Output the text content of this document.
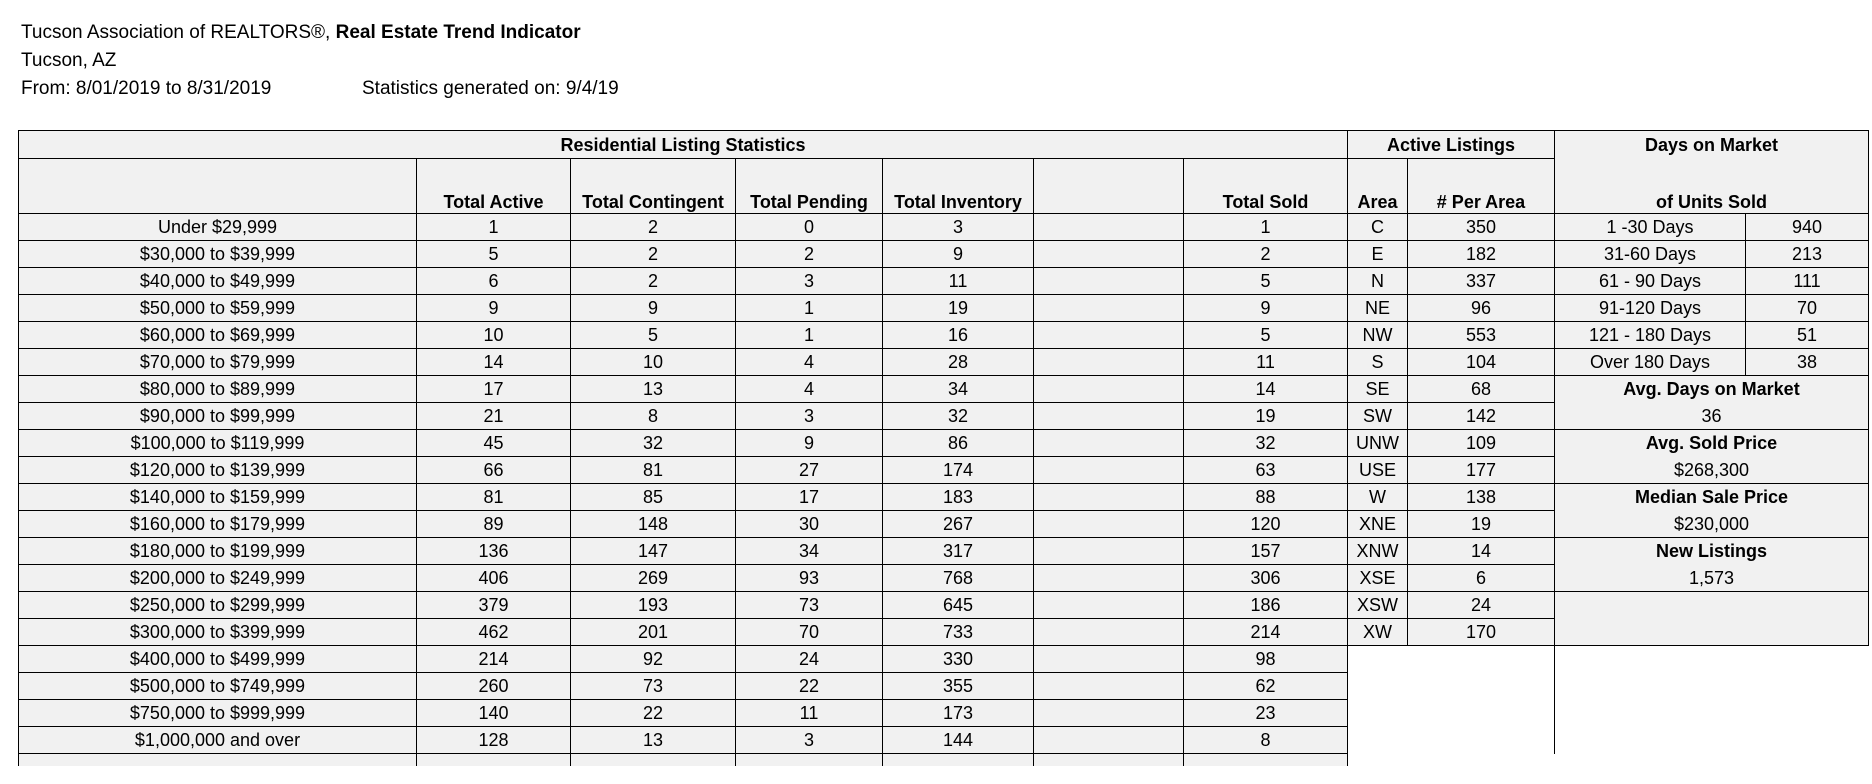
Tucson Association of REALTORS®, Real Estate Trend Indicator
Tucson, AZ
From: 8/01/2019 to 8/31/2019	Statistics generated on: 9/4/19
Residential Listing Statistics							Active Listings		Days on Market	
	Total Active	Total Contingent	Total Pending	Total Inventory		Total Sold	Area	# Per Area	of Units Sold	
Under $29,999	1	2	0	3		1	C	350	1 -30 Days	940
$30,000 to $39,999	5	2	2	9		2	E	182	31-60 Days	213
$40,000 to $49,999	6	2	3	11		5	N	337	61 - 90 Days	111
$50,000 to $59,999	9	9	1	19		9	NE	96	91-120 Days	70
$60,000 to $69,999	10	5	1	16		5	NW	553	121 - 180 Days	51
$70,000 to $79,999	14	10	4	28		11	S	104	Over 180 Days	38
$80,000 to $89,999	17	13	4	34		14	SE	68	Avg. Days on Market	
$90,000 to $99,999	21	8	3	32		19	SW	142	36	
$100,000 to $119,999	45	32	9	86		32	UNW	109	Avg. Sold Price	
$120,000 to $139,999	66	81	27	174		63	USE	177	$268,300	
$140,000 to $159,999	81	85	17	183		88	W	138	Median Sale Price	
$160,000 to $179,999	89	148	30	267		120	XNE	19	$230,000	
$180,000 to $199,999	136	147	34	317		157	XNW	14	New Listings	
$200,000 to $249,999	406	269	93	768		306	XSE	6	1,573	
$250,000 to $299,999	379	193	73	645		186	XSW	24		
$300,000 to $399,999	462	201	70	733		214	XW	170		
$400,000 to $499,999	214	92	24	330		98				
$500,000 to $749,999	260	73	22	355		62				
$750,000 to $999,999	140	22	11	173		23				
$1,000,000 and over	128	13	3	144		8				
